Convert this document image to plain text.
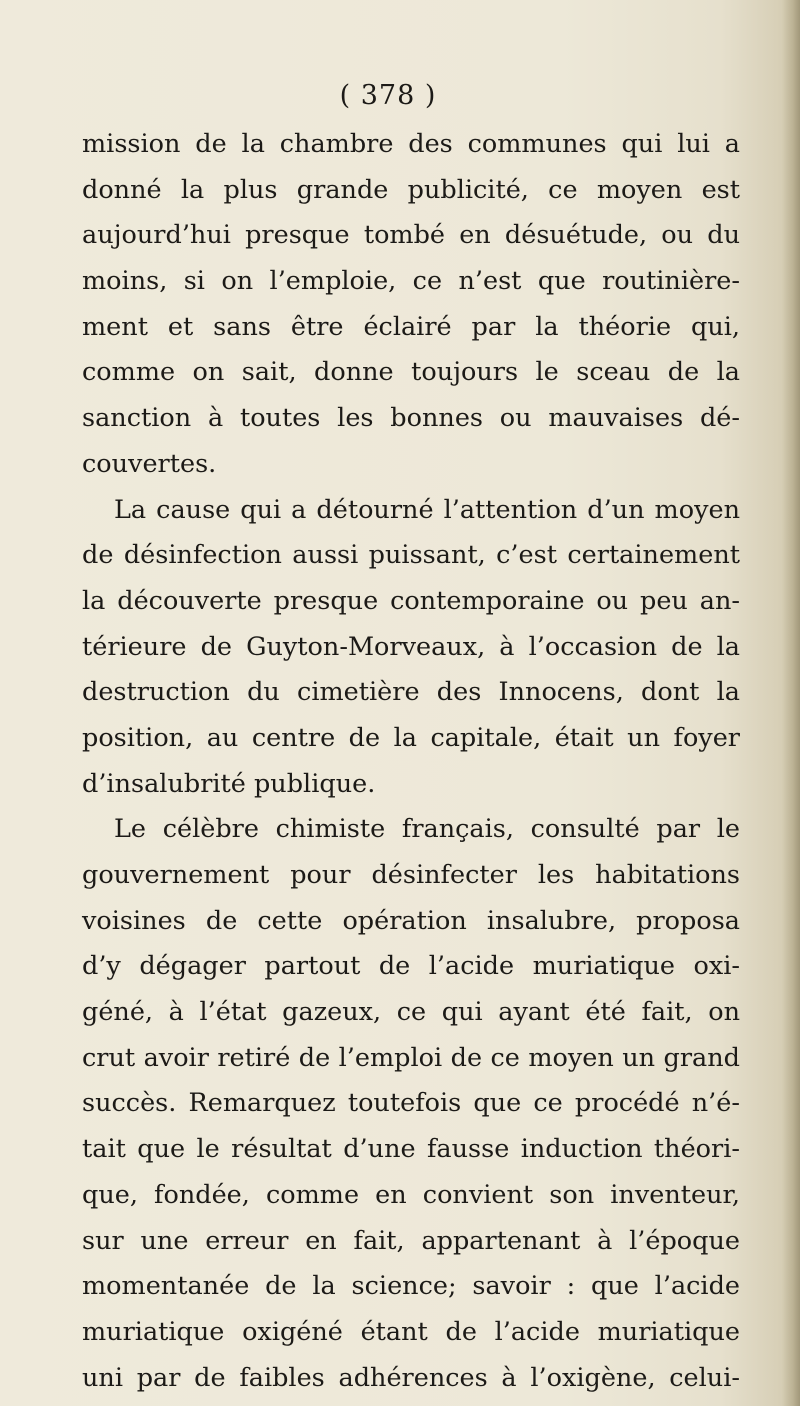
( 378 )
mission de la chambre des communes qui lui a
donné la plus grande publicité, ce moyen est
aujourd’hui presque tombé en désuétude, ou du
moins, si on l’emploie, ce n’est que routinière-
ment et sans être éclairé par la théorie qui,
comme on sait, donne toujours le sceau de la
sanction à toutes les bonnes ou mauvaises dé-
couvertes.
La cause qui a détourné l’attention d’un moyen
de désinfection aussi puissant, c’est certainement
la découverte presque contemporaine ou peu an-
térieure de Guyton-Morveaux, à l’occasion de la
destruction du cimetière des Innocens, dont la
position, au centre de la capitale, était un foyer
d’insalubrité publique.
Le célèbre chimiste français, consulté par le
gouvernement pour désinfecter les habitations
voisines de cette opération insalubre, proposa
d’y dégager partout de l’acide muriatique oxi-
géné, à l’état gazeux, ce qui ayant été fait, on
crut avoir retiré de l’emploi de ce moyen un grand
succès. Remarquez toutefois que ce procédé n’é-
tait que le résultat d’une fausse induction théori-
que, fondée, comme en convient son inventeur,
sur une erreur en fait, appartenant à l’époque
momentanée de la science; savoir : que l’acide
muriatique oxigéné étant de l’acide muriatique
uni par de faibles adhérences à l’oxigène, celui-
